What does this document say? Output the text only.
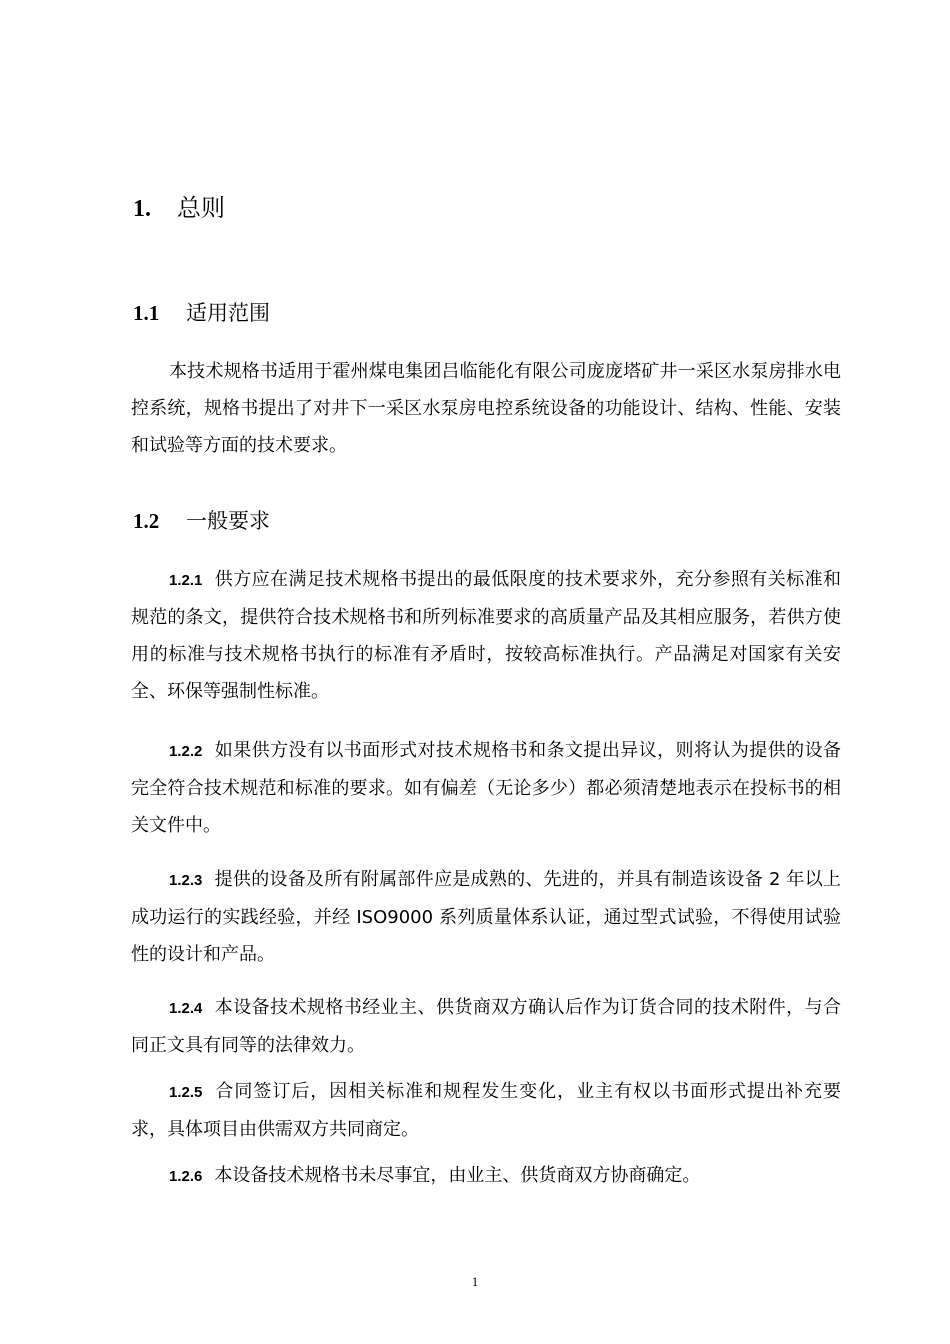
1. 总则
1.1 适用范围
本技术规格书适用于霍州煤电集团吕临能化有限公司庞庞塔矿井一采区水泵房排水电控系统，规格书提出了对井下一采区水泵房电控系统设备的功能设计、结构、性能、安装和试验等方面的技术要求。
1.2 一般要求
1.2.1 供方应在满足技术规格书提出的最低限度的技术要求外，充分参照有关标准和规范的条文，提供符合技术规格书和所列标准要求的高质量产品及其相应服务，若供方使用的标准与技术规格书执行的标准有矛盾时，按较高标准执行。产品满足对国家有关安全、环保等强制性标准。
1.2.2 如果供方没有以书面形式对技术规格书和条文提出异议，则将认为提供的设备完全符合技术规范和标准的要求。如有偏差（无论多少）都必须清楚地表示在投标书的相关文件中。
1.2.3 提供的设备及所有附属部件应是成熟的、先进的，并具有制造该设备 2 年以上成功运行的实践经验，并经 ISO9000 系列质量体系认证，通过型式试验，不得使用试验性的设计和产品。
1.2.4 本设备技术规格书经业主、供货商双方确认后作为订货合同的技术附件，与合同正文具有同等的法律效力。
1.2.5 合同签订后，因相关标准和规程发生变化，业主有权以书面形式提出补充要求，具体项目由供需双方共同商定。
1.2.6 本设备技术规格书未尽事宜，由业主、供货商双方协商确定。
1
